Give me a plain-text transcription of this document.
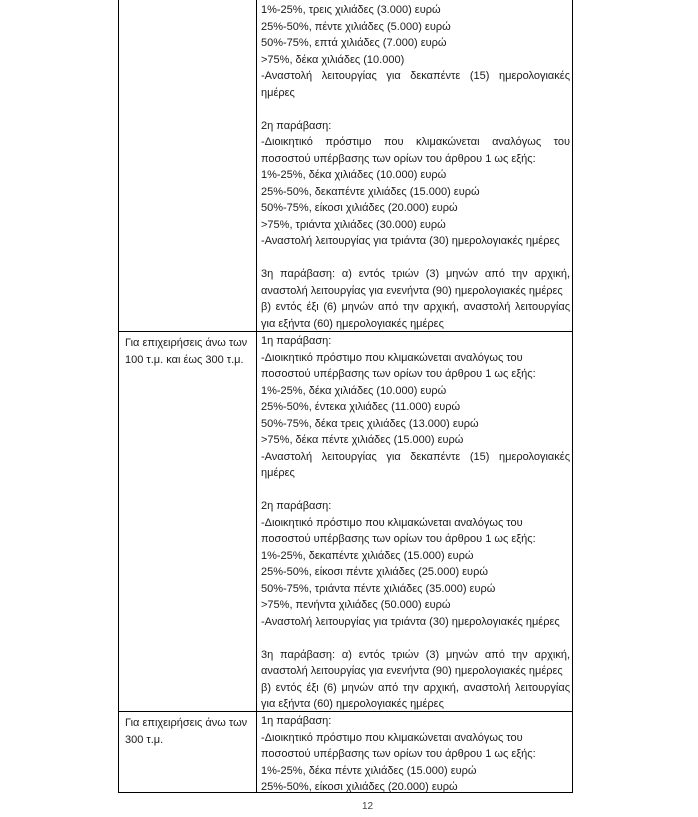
1%-25%, τρεις χιλιάδες (3.000) ευρώ
25%-50%, πέντε χιλιάδες (5.000) ευρώ
50%-75%, επτά χιλιάδες (7.000) ευρώ
>75%, δέκα χιλιάδες (10.000)
-Αναστολή λειτουργίας για δεκαπέντε (15) ημερολογιακές
ημέρες
2η παράβαση:
-Διοικητικό πρόστιμο που κλιμακώνεται αναλόγως του
ποσοστού υπέρβασης των ορίων του άρθρου 1 ως εξής:
1%-25%, δέκα χιλιάδες (10.000) ευρώ
25%-50%, δεκαπέντε χιλιάδες (15.000) ευρώ
50%-75%, είκοσι χιλιάδες (20.000) ευρώ
>75%, τριάντα χιλιάδες (30.000) ευρώ
-Αναστολή λειτουργίας για τριάντα (30) ημερολογιακές ημέρες
3η παράβαση: α) εντός τριών (3) μηνών από την αρχική,
αναστολή λειτουργίας για ενενήντα (90) ημερολογιακές ημέρες
β) εντός έξι (6) μηνών από την αρχική, αναστολή λειτουργίας
για εξήντα (60) ημερολογιακές ημέρες
Για επιχειρήσεις άνω των
100 τ.μ. και έως 300 τ.μ.
1η παράβαση:
-Διοικητικό πρόστιμο που κλιμακώνεται αναλόγως του
ποσοστού υπέρβασης των ορίων του άρθρου 1 ως εξής:
1%-25%, δέκα χιλιάδες (10.000) ευρώ
25%-50%, έντεκα χιλιάδες (11.000) ευρώ
50%-75%, δέκα τρεις χιλιάδες (13.000) ευρώ
>75%, δέκα πέντε χιλιάδες (15.000) ευρώ
-Αναστολή λειτουργίας για δεκαπέντε (15) ημερολογιακές
ημέρες
2η παράβαση:
-Διοικητικό πρόστιμο που κλιμακώνεται αναλόγως του
ποσοστού υπέρβασης των ορίων του άρθρου 1 ως εξής:
1%-25%, δεκαπέντε χιλιάδες (15.000) ευρώ
25%-50%, είκοσι πέντε χιλιάδες (25.000) ευρώ
50%-75%, τριάντα πέντε χιλιάδες (35.000) ευρώ
>75%, πενήντα χιλιάδες (50.000) ευρώ
-Αναστολή λειτουργίας για τριάντα (30) ημερολογιακές ημέρες
3η παράβαση: α) εντός τριών (3) μηνών από την αρχική,
αναστολή λειτουργίας για ενενήντα (90) ημερολογιακές ημέρες
β) εντός έξι (6) μηνών από την αρχική, αναστολή λειτουργίας
για εξήντα (60) ημερολογιακές ημέρες
Για επιχειρήσεις άνω των
300 τ.μ.
1η παράβαση:
-Διοικητικό πρόστιμο που κλιμακώνεται αναλόγως του
ποσοστού υπέρβασης των ορίων του άρθρου 1 ως εξής:
1%-25%, δέκα πέντε χιλιάδες (15.000) ευρώ
25%-50%, είκοσι χιλιάδες (20.000) ευρώ
12
